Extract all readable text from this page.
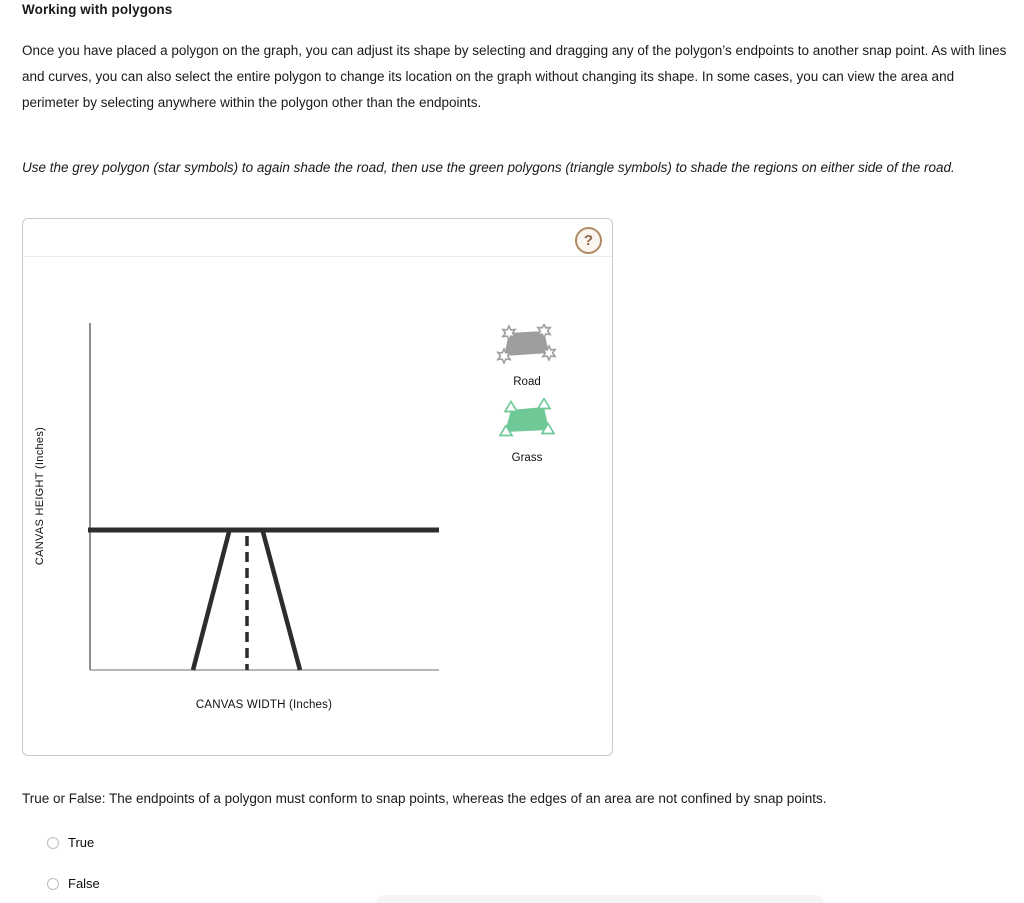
Working with polygons
Once you have placed a polygon on the graph, you can adjust its shape by selecting and dragging any of the polygon’s endpoints to another snap point. As with lines and curves, you can also select the entire polygon to change its location on the graph without changing its shape. In some cases, you can view the area and perimeter by selecting anywhere within the polygon other than the endpoints.
Use the grey polygon (star symbols) to again shade the road, then use the green polygons (triangle symbols) to shade the regions on either side of the road.
?
CANVAS HEIGHT (Inches)
CANVAS WIDTH (Inches)
Road
Grass
True or False: The endpoints of a polygon must conform to snap points, whereas the edges of an area are not confined by snap points.
True
False
